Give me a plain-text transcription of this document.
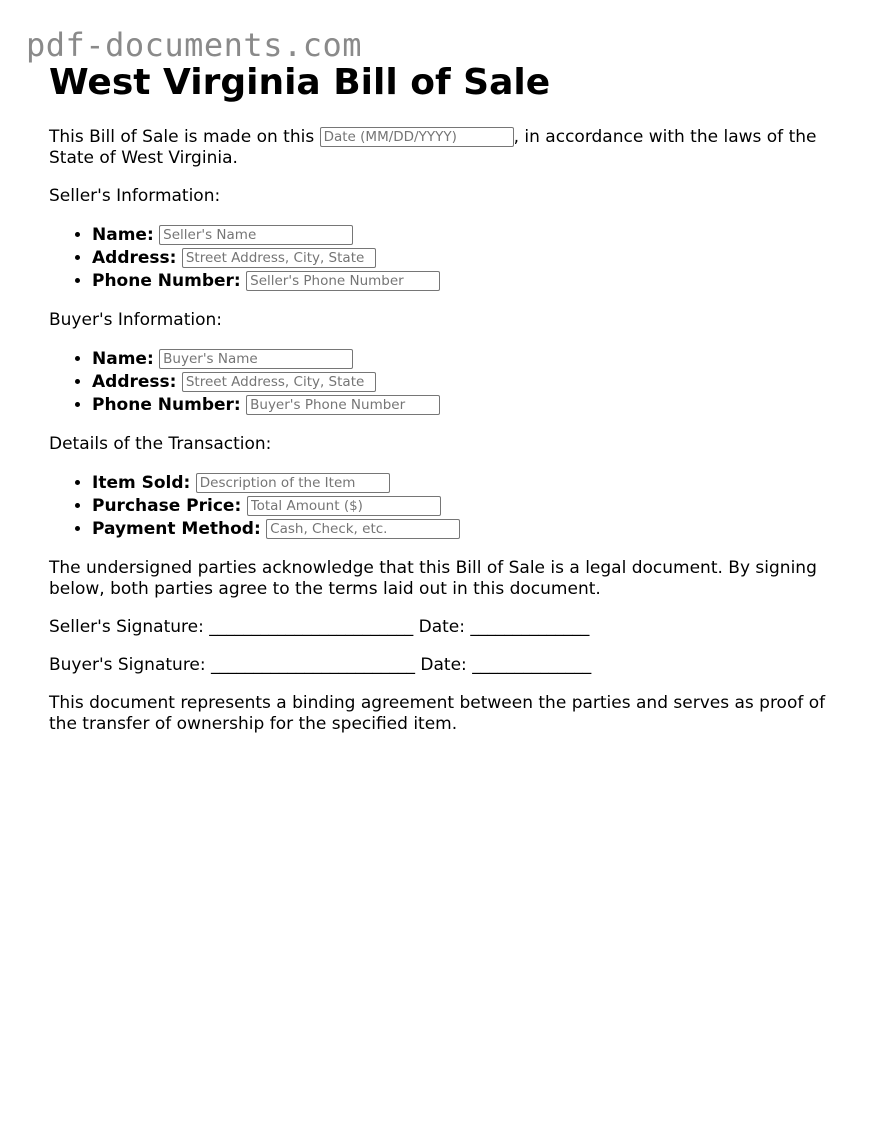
pdf-documents.com
West Virginia Bill of Sale

This Bill of Sale is made on this Date (MM/DD/YYYY)	, in accordance with the laws of the State of West Virginia.

Seller's Information:

• Name: Seller's Name
• Address: Street Address, City, State
• Phone Number: Seller's Phone Number

Buyer's Information:

• Name: Buyer's Name
• Address: Street Address, City, State
• Phone Number: Buyer's Phone Number

Details of the Transaction:

• Item Sold: Description of the Item
• Purchase Price: Total Amount ($)
• Payment Method: Cash, Check, etc.

The undersigned parties acknowledge that this Bill of Sale is a legal document. By signing below, both parties agree to the terms laid out in this document.

Seller's Signature: ________________________ Date: ______________

Buyer's Signature: ________________________ Date: ______________

This document represents a binding agreement between the parties and serves as proof of the transfer of ownership for the specified item.
